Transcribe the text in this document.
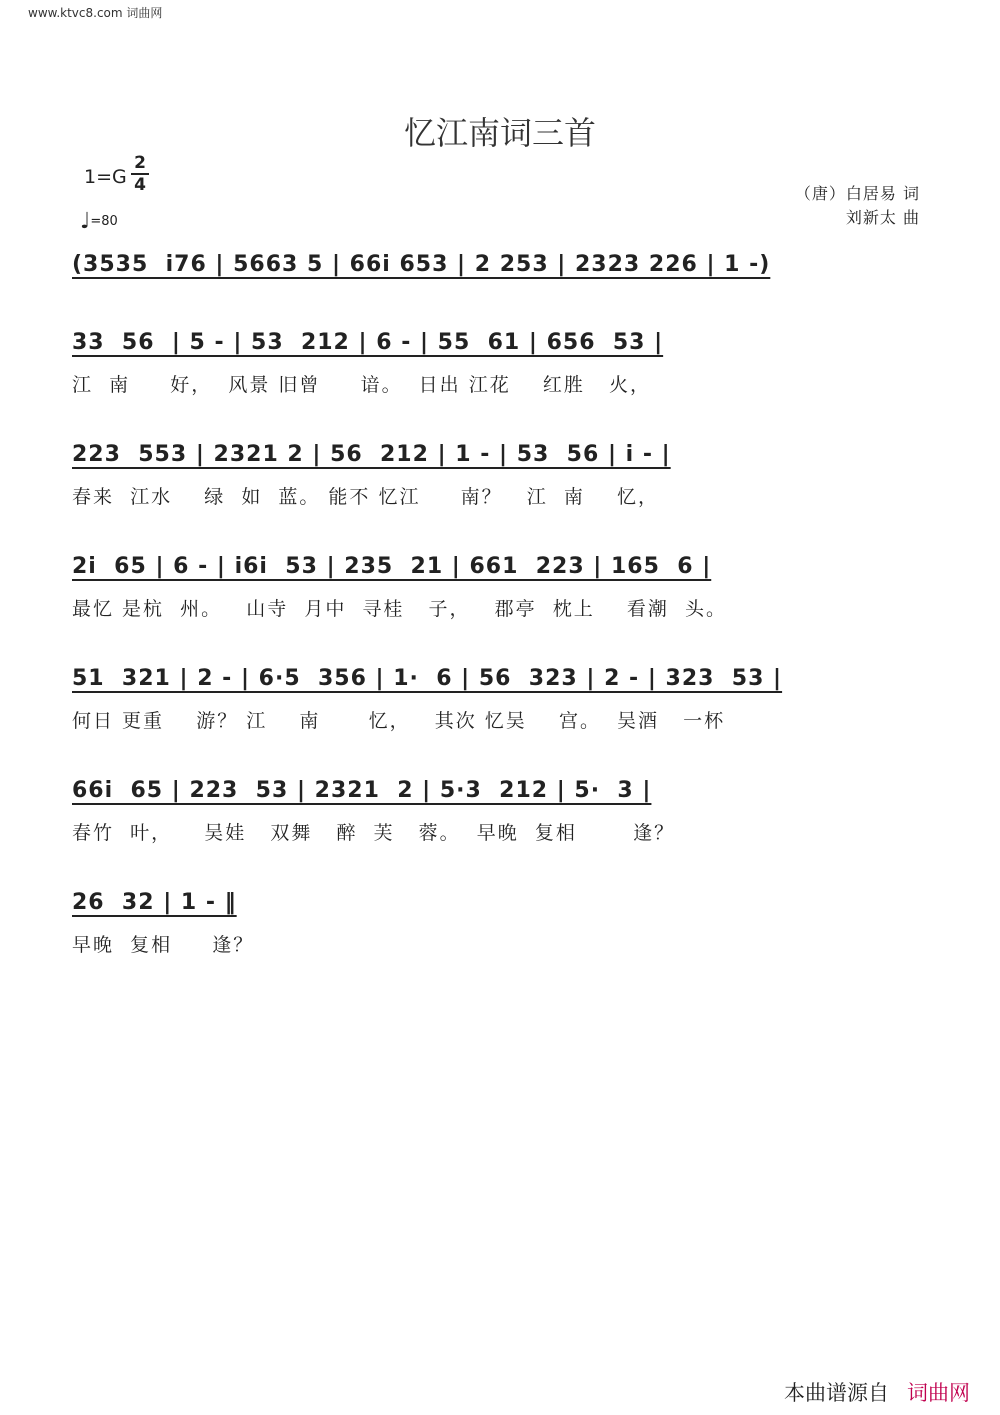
www.ktvc8.com 词曲网
忆江南词三首
1=G
2
4
♩=80
（唐）白居易 词
刘新太 曲
(3535  i76 | 5663 5 | 66i 653 | 2 253 | 2323 226 | 1 -)
33  56  | 5 - | 53  212 | 6 - | 55  61 | 656  53 |
江  南     好，  风景 旧曾     谙。  日出 江花    红胜   火，
223  553 | 2321 2 | 56  212 | 1 - | 53  56 | i - |
春来  江水    绿  如  蓝。 能不 忆江     南？   江  南    忆，
2i  65 | 6 - | i6i  53 | 235  21 | 661  223 | 165  6 |
最忆 是杭  州。   山寺  月中  寻桂   子，   郡亭  枕上    看潮  头。
51  321 | 2 - | 6·5  356 | 1·  6 | 56  323 | 2 - | 323  53 |
何日 更重    游？ 江    南      忆，   其次 忆吴    宫。  吴酒   一杯
66i  65 | 223  53 | 2321  2 | 5·3  212 | 5·  3 |
春竹  叶，    吴娃   双舞   醉  芙   蓉。  早晚  复相       逢？
26  32 | 1 - ‖
早晚  复相     逢？
本曲谱源自 词曲网
